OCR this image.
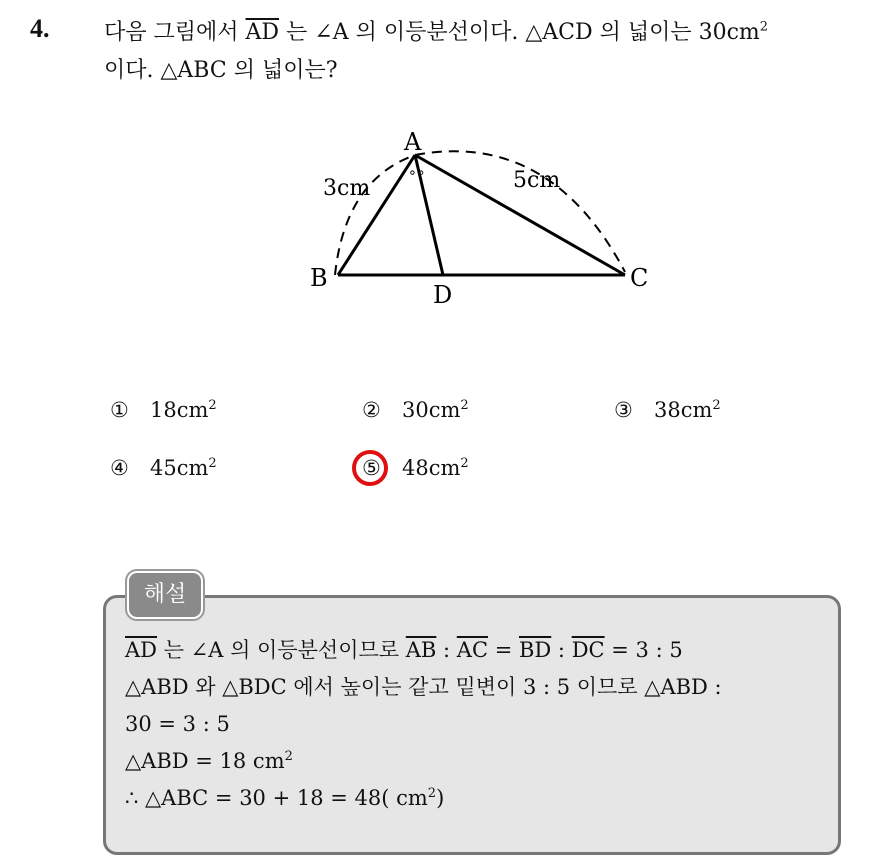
4. 다음 그림에서 $\overline{AD}$ 는 ∠A 의 이등분선이다. △ACD 의 넓이는 $30cm^2$
이다. △ABC 의 넓이는?
∘∘
A
B	C
D
3cm	5cm
① $18cm^2$	② $30cm^2$	③ $38cm^2$
④ $45cm^2$	⑤ $48cm^2$
해설
$\overline{AD}$ 는 ∠A 의 이등분선이므로 $\overline{AB}$ : $\overline{AC} = \overline{BD}$ : $\overline{DC} = 3$ : 5
△ABD 와 △BDC 에서 높이는 같고 밑변이 3 : 5 이므로 △ABD :
30 = 3 : 5
△ABD = 18 $cm^2$
∴ △ABC = 30 + 18 = 48( $cm^2$)
